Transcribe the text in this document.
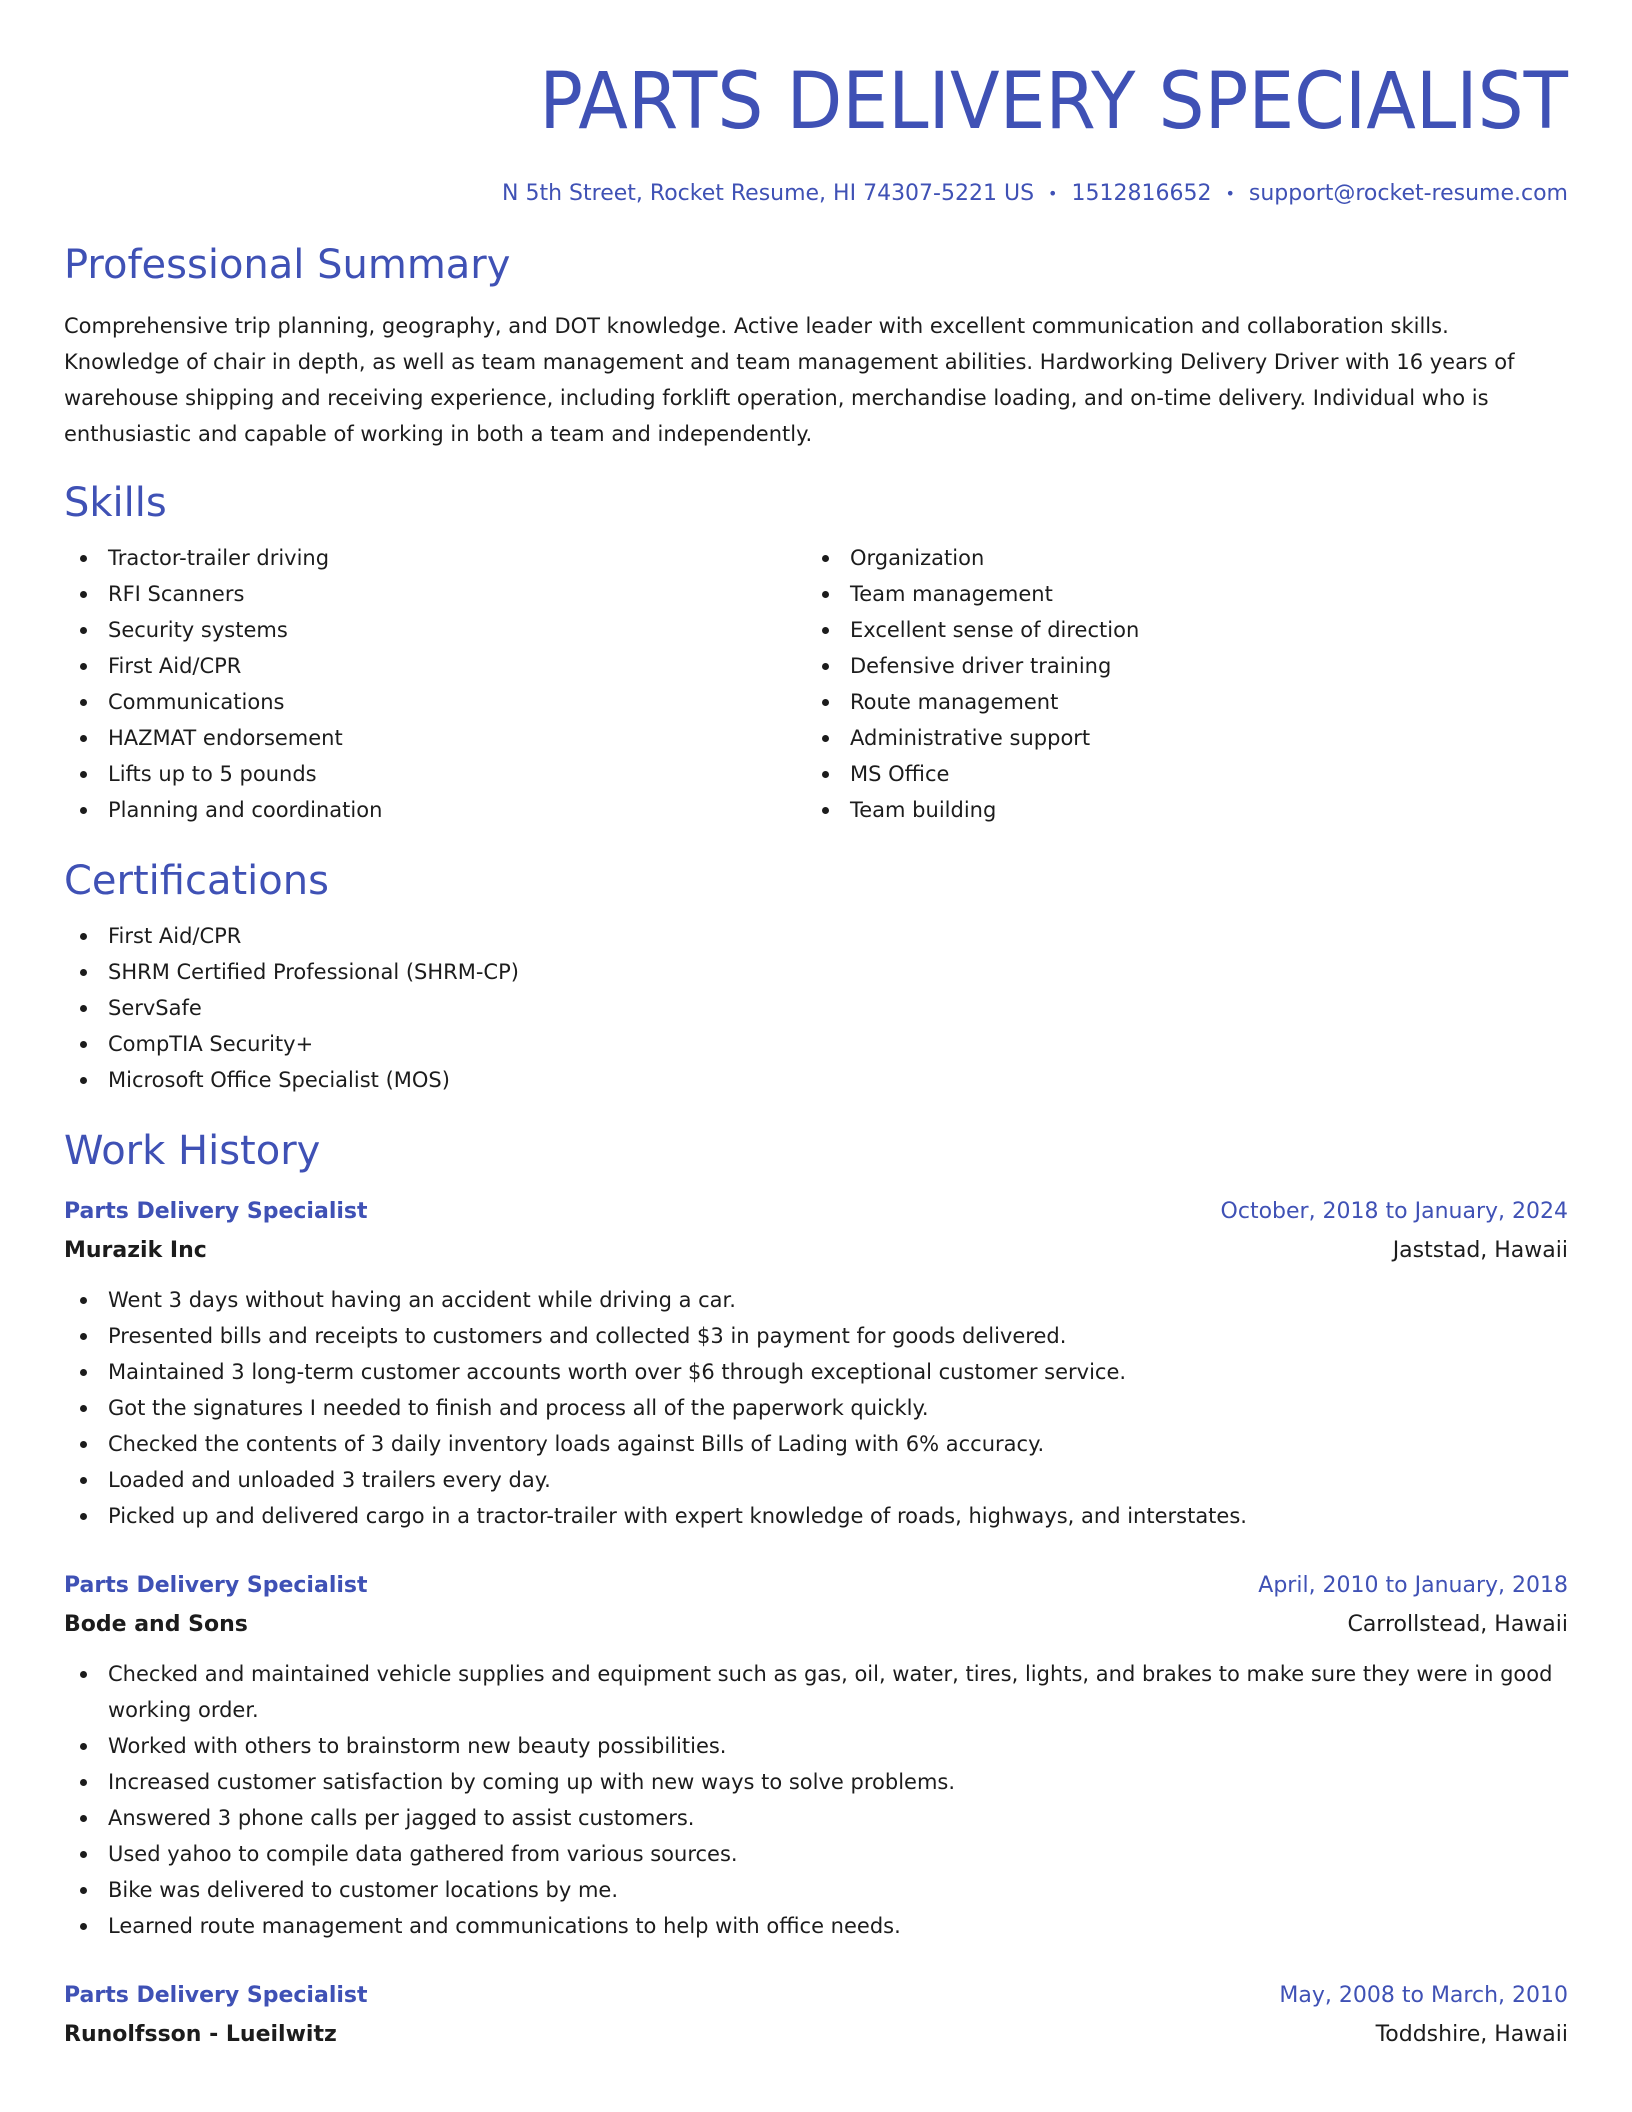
PARTS DELIVERY SPECIALIST
N 5th Street, Rocket Resume, HI 74307-5221 US • 1512816652 • support@rocket-resume.com
Professional Summary

Comprehensive trip planning, geography, and DOT knowledge. Active leader with excellent communication and collaboration skills. Knowledge of chair in depth, as well as team management and team management abilities. Hardworking Delivery Driver with 16 years of warehouse shipping and receiving experience, including forklift operation, merchandise loading, and on-time delivery. Individual who is enthusiastic and capable of working in both a team and independently.

Skills
Tractor-trailer driving
RFI Scanners
Security systems
First Aid/CPR
Communications
HAZMAT endorsement
Lifts up to 5 pounds
Planning and coordination
Organization
Team management
Excellent sense of direction
Defensive driver training
Route management
Administrative support
MS Office
Team building
Certifications
First Aid/CPR
SHRM Certified Professional (SHRM-CP)
ServSafe
CompTIA Security+
Microsoft Office Specialist (MOS)
Work History
Parts Delivery Specialist	October, 2018 to January, 2024
Murazik Inc	Jaststad, Hawaii
Went 3 days without having an accident while driving a car.
Presented bills and receipts to customers and collected $3 in payment for goods delivered.
Maintained 3 long-term customer accounts worth over $6 through exceptional customer service.
Got the signatures I needed to finish and process all of the paperwork quickly.
Checked the contents of 3 daily inventory loads against Bills of Lading with 6% accuracy.
Loaded and unloaded 3 trailers every day.
Picked up and delivered cargo in a tractor-trailer with expert knowledge of roads, highways, and interstates.
Parts Delivery Specialist	April, 2010 to January, 2018
Bode and Sons	Carrollstead, Hawaii
Checked and maintained vehicle supplies and equipment such as gas, oil, water, tires, lights, and brakes to make sure they were in good working order.
Worked with others to brainstorm new beauty possibilities.
Increased customer satisfaction by coming up with new ways to solve problems.
Answered 3 phone calls per jagged to assist customers.
Used yahoo to compile data gathered from various sources.
Bike was delivered to customer locations by me.
Learned route management and communications to help with office needs.
Parts Delivery Specialist	May, 2008 to March, 2010
Runolfsson - Lueilwitz	Toddshire, Hawaii
